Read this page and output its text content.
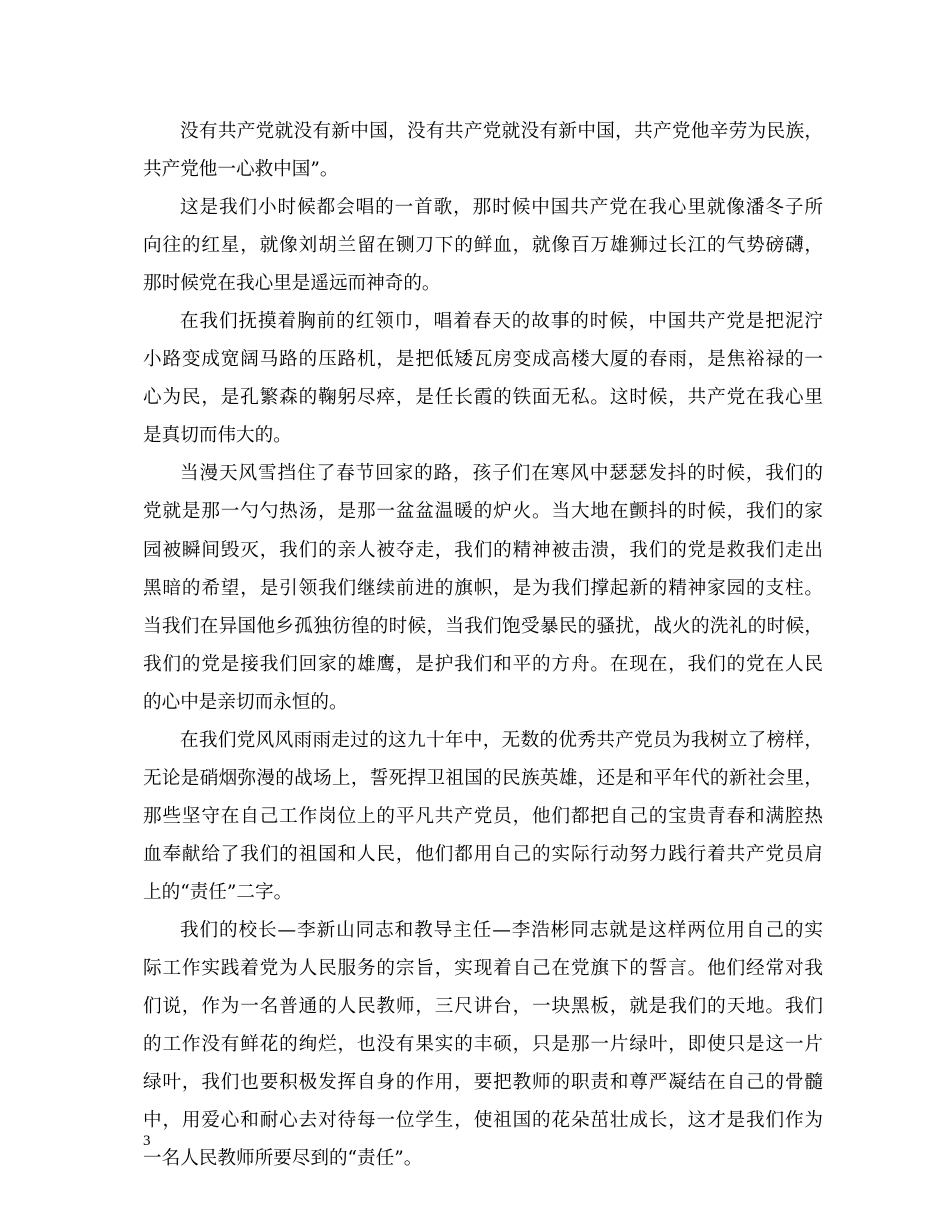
没有共产党就没有新中国，没有共产党就没有新中国，共产党他辛劳为民族，
共产党他一心救中国”。
这是我们小时候都会唱的一首歌，那时候中国共产党在我心里就像潘冬子所
向往的红星，就像刘胡兰留在铡刀下的鲜血，就像百万雄狮过长江的气势磅礴，
那时候党在我心里是遥远而神奇的。
在我们抚摸着胸前的红领巾，唱着春天的故事的时候，中国共产党是把泥泞
小路变成宽阔马路的压路机，是把低矮瓦房变成高楼大厦的春雨，是焦裕禄的一
心为民，是孔繁森的鞠躬尽瘁，是任长霞的铁面无私。这时候，共产党在我心里
是真切而伟大的。
当漫天风雪挡住了春节回家的路，孩子们在寒风中瑟瑟发抖的时候，我们的
党就是那一勺勺热汤，是那一盆盆温暖的炉火。当大地在颤抖的时候，我们的家
园被瞬间毁灭，我们的亲人被夺走，我们的精神被击溃，我们的党是救我们走出
黑暗的希望，是引领我们继续前进的旗帜，是为我们撑起新的精神家园的支柱。
当我们在异国他乡孤独彷徨的时候，当我们饱受暴民的骚扰，战火的洗礼的时候，
我们的党是接我们回家的雄鹰，是护我们和平的方舟。在现在，我们的党在人民
的心中是亲切而永恒的。
在我们党风风雨雨走过的这九十年中，无数的优秀共产党员为我树立了榜样，
无论是硝烟弥漫的战场上，誓死捍卫祖国的民族英雄，还是和平年代的新社会里，
那些坚守在自己工作岗位上的平凡共产党员，他们都把自己的宝贵青春和满腔热
血奉献给了我们的祖国和人民，他们都用自己的实际行动努力践行着共产党员肩
上的“责任”二字。
我们的校长—李新山同志和教导主任—李浩彬同志就是这样两位用自己的实
际工作实践着党为人民服务的宗旨，实现着自己在党旗下的誓言。他们经常对我
们说，作为一名普通的人民教师，三尺讲台，一块黑板，就是我们的天地。我们
的工作没有鲜花的绚烂，也没有果实的丰硕，只是那一片绿叶，即使只是这一片
绿叶，我们也要积极发挥自身的作用，要把教师的职责和尊严凝结在自己的骨髓
中，用爱心和耐心去对待每一位学生，使祖国的花朵茁壮成长，这才是我们作为
一名人民教师所要尽到的“责任”。
3
